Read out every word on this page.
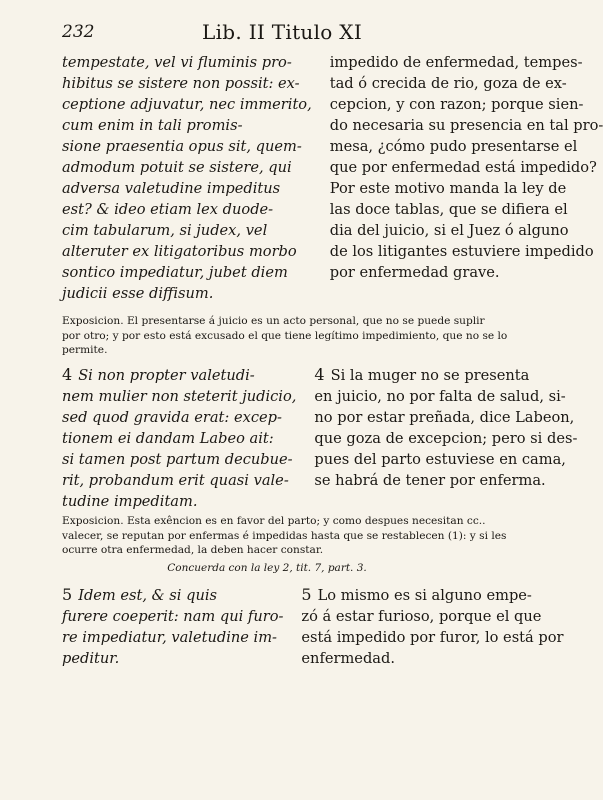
232	Lib. II Titulo XI
tempestate, vel vi fluminis pro-
hibitus se sistere non possit: ex-
ceptione adjuvatur, nec immerito,
cum enim in tali promis-
sione praesentia opus sit, quem-
admodum potuit se sistere, qui
adversa valetudine impeditus
est? & ideo etiam lex duode-
cim tabularum, si judex, vel
alteruter ex litigatoribus morbo
sontico impediatur, jubet diem
judicii esse diffisum.
impedido de enfermedad, tempes-
tad ó crecida de rio, goza de ex-
cepcion, y con razon; porque sien-
do necesaria su presencia en tal pro-
mesa, ¿cómo pudo presentarse el
que por enfermedad está impedido?
Por este motivo manda la ley de
las doce tablas, que se difiera el
dia del juicio, si el Juez ó alguno
de los litigantes estuviere impedido
por enfermedad grave.
Exposicion. El presentarse á juicio es un acto personal, que no se puede suplir
por otro; y por esto está excusado el que tiene legítimo impedimiento, que no se lo
permite.
4 Si non propter valetudi-
nem mulier non steterit judicio,
sed quod gravida erat: excep-
tionem ei dandam Labeo ait:
si tamen post partum decubue-
rit, probandum erit quasi vale-
tudine impeditam.
4 Si la muger no se presenta
en juicio, no por falta de salud, si-
no por estar preñada, dice Labeon,
que goza de excepcion; pero si des-
pues del parto estuviese en cama,
se habrá de tener por enferma.
Exposicion. Esta exêncion es en favor del parto; y como despues necesitan cc..
valecer, se reputan por enfermas é impedidas hasta que se restablecen (1): y si les
ocurre otra enfermedad, la deben hacer constar.
Concuerda con la ley 2, tit. 7, part. 3.
5 Idem est, & si quis
furere coeperit: nam qui furo-
re impediatur, valetudine im-
peditur.
5 Lo mismo es si alguno empe-
zó á estar furioso, porque el que
está impedido por furor, lo está por
enfermedad.
